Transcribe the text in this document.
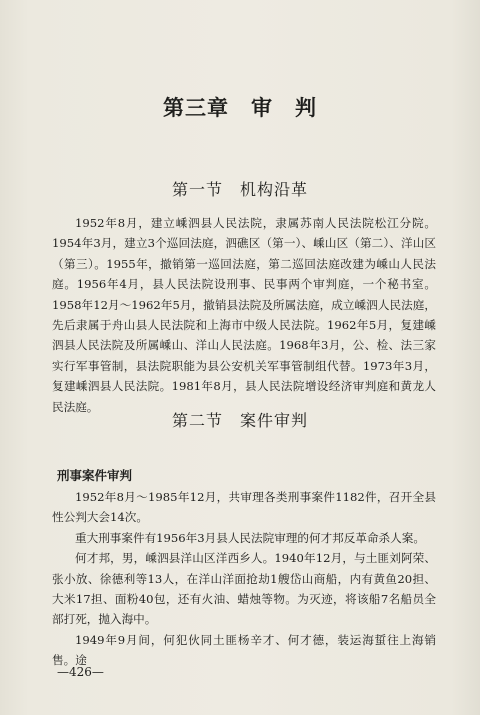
第三章　审　判
第一节　机构沿革

1952年8月，建立嵊泗县人民法院，隶属苏南人民法院松江分院。1954年3月，建立3个巡回法庭，泗礁区（第一）、嵊山区（第二）、洋山区（第三）。1955年，撤销第一巡回法庭，第二巡回法庭改建为嵊山人民法庭。1956年4月，县人民法院设刑事、民事两个审判庭，一个秘书室。1958年12月～1962年5月，撤销县法院及所属法庭，成立嵊泗人民法庭，先后隶属于舟山县人民法院和上海市中级人民法院。1962年5月，复建嵊泗县人民法院及所属嵊山、洋山人民法庭。1968年3月，公、检、法三家实行军事管制，县法院职能为县公安机关军事管制组代替。1973年3月，复建嵊泗县人民法院。1981年8月，县人民法院增设经济审判庭和黄龙人民法庭。

第二节　案件审判
刑事案件审判

1952年8月～1985年12月，共审理各类刑事案件1182件，召开全县性公判大会14次。

重大刑事案件有1956年3月县人民法院审理的何才邦反革命杀人案。

何才邦，男，嵊泗县洋山区洋西乡人。1940年12月，与土匪刘阿荣、张小放、徐德利等13人，在洋山洋面抢劫1艘岱山商船，内有黄鱼20担、大米17担、面粉40包，还有火油、蜡烛等物。为灭迹，将该船7名船员全部打死，抛入海中。

1949年9月间，何犯伙同土匪杨辛才、何才德，装运海蜇往上海销售。途

—426—
